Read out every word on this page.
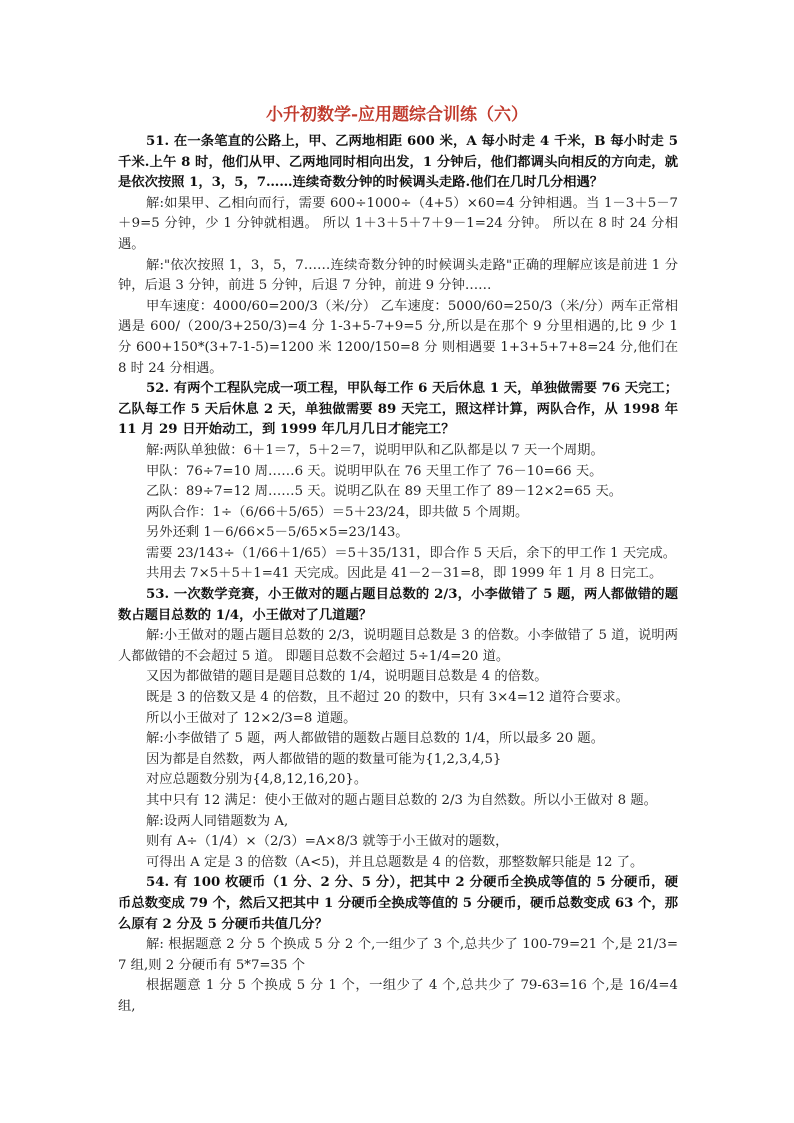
小升初数学-应用题综合训练（六）

51. 在一条笔直的公路上，甲、乙两地相距 600 米，A 每小时走 4 千米，B 每小时走 5 千米.上午 8 时，他们从甲、乙两地同时相向出发，1 分钟后，他们都调头向相反的方向走，就是依次按照 1，3，5，7……连续奇数分钟的时候调头走路.他们在几时几分相遇？

解:如果甲、乙相向而行，需要 600÷1000÷（4+5）×60=4 分钟相遇。当 1－3＋5－7＋9=5 分钟，少 1 分钟就相遇。 所以 1＋3＋5＋7＋9－1=24 分钟。 所以在 8 时 24 分相遇。

解:"依次按照 1，3，5，7……连续奇数分钟的时候调头走路"正确的理解应该是前进 1 分钟，后退 3 分钟，前进 5 分钟，后退 7 分钟，前进 9 分钟……

甲车速度：4000/60=200/3（米/分） 乙车速度：5000/60=250/3（米/分）两车正常相遇是 600/（200/3+250/3)=4 分 1-3+5-7+9=5 分,所以是在那个 9 分里相遇的,比 9 少 1 分 600+150*(3+7-1-5)=1200 米 1200/150=8 分 则相遇要 1+3+5+7+8=24 分,他们在 8 时 24 分相遇。

52. 有两个工程队完成一项工程，甲队每工作 6 天后休息 1 天，单独做需要 76 天完工；乙队每工作 5 天后休息 2 天，单独做需要 89 天完工，照这样计算，两队合作，从 1998 年 11 月 29 日开始动工，到 1999 年几月几日才能完工？

解:两队单独做：6＋1＝7，5＋2＝7，说明甲队和乙队都是以 7 天一个周期。

甲队：76÷7=10 周……6 天。说明甲队在 76 天里工作了 76－10=66 天。

乙队：89÷7=12 周……5 天。说明乙队在 89 天里工作了 89－12×2=65 天。

两队合作：1÷（6/66＋5/65）＝5＋23/24，即共做 5 个周期。

另外还剩 1－6/66×5－5/65×5=23/143。

需要 23/143÷（1/66＋1/65）＝5＋35/131，即合作 5 天后，余下的甲工作 1 天完成。

共用去 7×5＋5＋1=41 天完成。因此是 41－2－31=8，即 1999 年 1 月 8 日完工。

53. 一次数学竞赛，小王做对的题占题目总数的 2/3，小李做错了 5 题，两人都做错的题数占题目总数的 1/4，小王做对了几道题？

解:小王做对的题占题目总数的 2/3，说明题目总数是 3 的倍数。小李做错了 5 道，说明两人都做错的不会超过 5 道。 即题目总数不会超过 5÷1/4=20 道。

又因为都做错的题目是题目总数的 1/4，说明题目总数是 4 的倍数。

既是 3 的倍数又是 4 的倍数，且不超过 20 的数中，只有 3×4=12 道符合要求。

所以小王做对了 12×2/3=8 道题。

解:小李做错了 5 题，两人都做错的题数占题目总数的 1/4，所以最多 20 题。

因为都是自然数，两人都做错的题的数量可能为{1,2,3,4,5}

对应总题数分别为{4,8,12,16,20}。

其中只有 12 满足：使小王做对的题占题目总数的 2/3 为自然数。所以小王做对 8 题。

解:设两人同错题数为 A,

则有 A÷（1/4）×（2/3）=A×8/3 就等于小王做对的题数，

可得出 A 定是 3 的倍数（A<5)，并且总题数是 4 的倍数，那整数解只能是 12 了。

54. 有 100 枚硬币（1 分、2 分、5 分），把其中 2 分硬币全换成等值的 5 分硬币，硬币总数变成 79 个，然后又把其中 1 分硬币全换成等值的 5 分硬币，硬币总数变成 63 个，那么原有 2 分及 5 分硬币共值几分？

解: 根据题意 2 分 5 个换成 5 分 2 个,一组少了 3 个,总共少了 100-79=21 个,是 21/3=7 组,则 2 分硬币有 5*7=35 个

根据题意 1 分 5 个换成 5 分 1 个，一组少了 4 个,总共少了 79-63=16 个,是 16/4=4 组,
